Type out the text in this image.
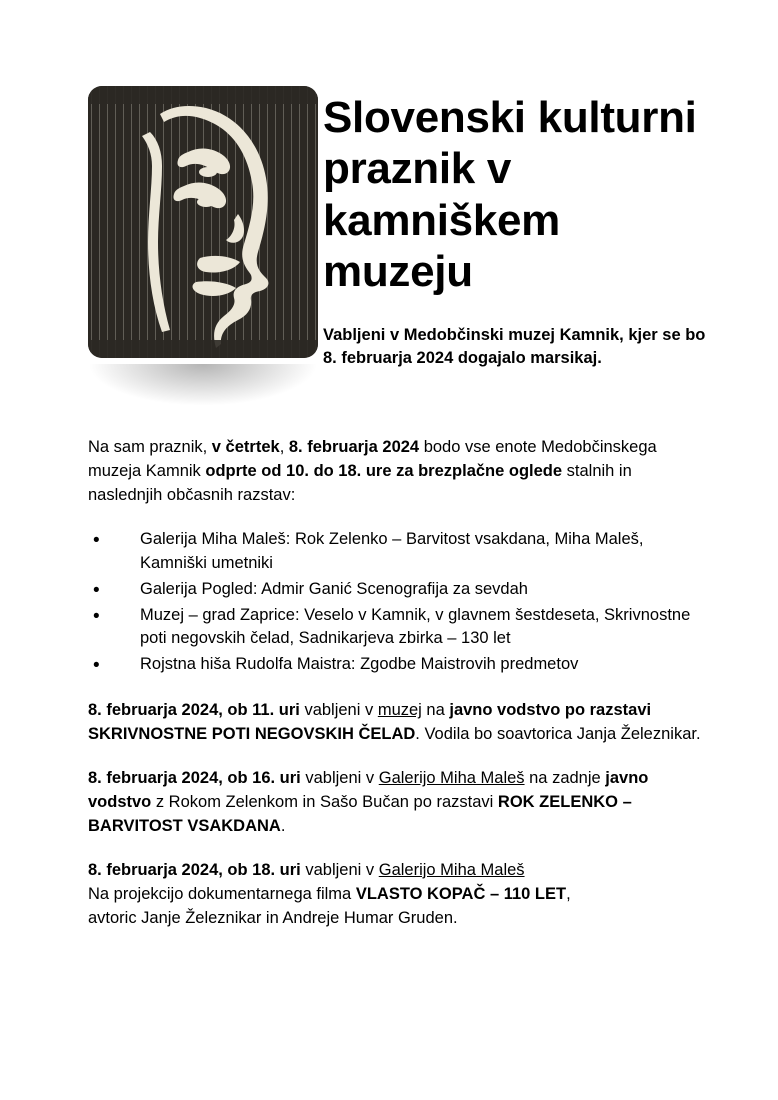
Slovenski kulturni praznik v kamniškem muzeju
Vabljeni v Medobčinski muzej Kamnik, kjer se bo 8. februarja 2024 dogajalo marsikaj.

Na sam praznik, v četrtek, 8. februarja 2024 bodo vse enote Medobčinskega muzeja Kamnik odprte od 10. do 18. ure za brezplačne oglede stalnih in naslednjih občasnih razstav:

• Galerija Miha Maleš: Rok Zelenko – Barvitost vsakdana, Miha Maleš, Kamniški umetniki
• Galerija Pogled: Admir Ganić Scenografija za sevdah
• Muzej – grad Zaprice: Veselo v Kamnik, v glavnem šestdeseta, Skrivnostne poti negovskih čelad, Sadnikarjeva zbirka – 130 let
• Rojstna hiša Rudolfa Maistra: Zgodbe Maistrovih predmetov

8. februarja 2024, ob 11. uri vabljeni v muzej na javno vodstvo po razstavi SKRIVNOSTNE POTI NEGOVSKIH ČELAD. Vodila bo soavtorica Janja Železnikar.

8. februarja 2024, ob 16. uri vabljeni v Galerijo Miha Maleš na zadnje javno vodstvo z Rokom Zelenkom in Sašo Bučan po razstavi ROK ZELENKO – BARVITOST VSAKDANA.

8. februarja 2024, ob 18. uri vabljeni v Galerijo Miha Maleš
Na projekcijo dokumentarnega filma VLASTO KOPAČ – 110 LET,
avtoric Janje Železnikar in Andreje Humar Gruden.
